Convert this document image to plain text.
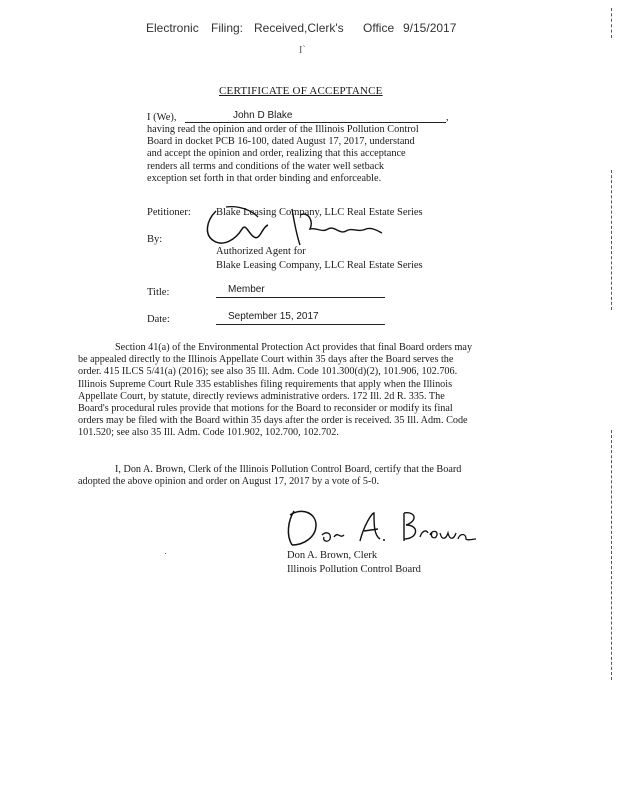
Electronic Filing: Received,Clerk's Office 9/15/2017
I`
CERTIFICATE OF ACCEPTANCE
I (We),	John D Blake	,
having read the opinion and order of the Illinois Pollution Control
Board in docket PCB 16-100, dated August 17, 2017, understand
and accept the opinion and order, realizing that this acceptance
renders all terms and conditions of the water well setback
exception set forth in that order binding and enforceable.
Petitioner: Blake Leasing Company, LLC Real Estate Series
By:
Authorized Agent for
Blake Leasing Company, LLC Real Estate Series
Title:	Member
Date:	September 15, 2017
Section 41(a) of the Environmental Protection Act provides that final Board orders may
be appealed directly to the Illinois Appellate Court within 35 days after the Board serves the
order. 415 ILCS 5/41(a) (2016); see also 35 Ill. Adm. Code 101.300(d)(2), 101.906, 102.706.
Illinois Supreme Court Rule 335 establishes filing requirements that apply when the Illinois
Appellate Court, by statute, directly reviews administrative orders. 172 Ill. 2d R. 335. The
Board's procedural rules provide that motions for the Board to reconsider or modify its final
orders may be filed with the Board within 35 days after the order is received. 35 Ill. Adm. Code
101.520; see also 35 Ill. Adm. Code 101.902, 102.700, 102.702.
I, Don A. Brown, Clerk of the Illinois Pollution Control Board, certify that the Board
adopted the above opinion and order on August 17, 2017 by a vote of 5-0.
Don A. Brown, Clerk
Illinois Pollution Control Board
